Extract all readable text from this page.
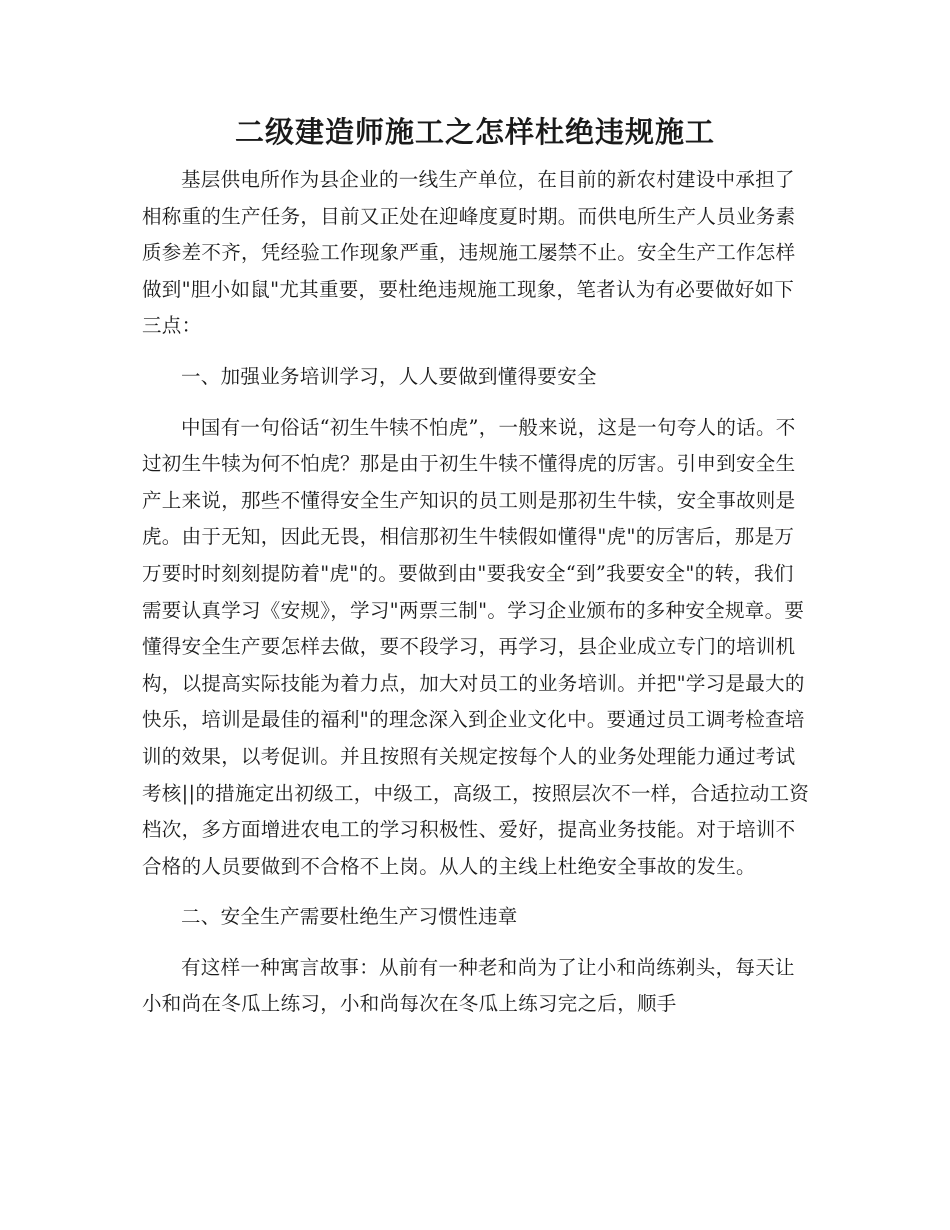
二级建造师施工之怎样杜绝违规施工

基层供电所作为县企业的一线生产单位，在目前的新农村建设中承担了相称重的生产任务，目前又正处在迎峰度夏时期。而供电所生产人员业务素质参差不齐，凭经验工作现象严重，违规施工屡禁不止。安全生产工作怎样做到"胆小如鼠"尤其重要，要杜绝违规施工现象，笔者认为有必要做好如下三点：

一、加强业务培训学习，人人要做到懂得要安全

中国有一句俗话“初生牛犊不怕虎”，一般来说，这是一句夸人的话。不过初生牛犊为何不怕虎？那是由于初生牛犊不懂得虎的厉害。引申到安全生产上来说，那些不懂得安全生产知识的员工则是那初生牛犊，安全事故则是虎。由于无知，因此无畏，相信那初生牛犊假如懂得"虎"的厉害后，那是万万要时时刻刻提防着"虎"的。要做到由"要我安全“到”我要安全"的转，我们需要认真学习《安规》，学习"两票三制"。学习企业颁布的多种安全规章。要懂得安全生产要怎样去做，要不段学习，再学习，县企业成立专门的培训机构，以提高实际技能为着力点，加大对员工的业务培训。并把"学习是最大的快乐，培训是最佳的福利"的理念深入到企业文化中。要通过员工调考检查培训的效果，以考促训。并且按照有关规定按每个人的业务处理能力通过考试考核||的措施定出初级工，中级工，高级工，按照层次不一样，合适拉动工资档次，多方面增进农电工的学习积极性、爱好，提高业务技能。对于培训不合格的人员要做到不合格不上岗。从人的主线上杜绝安全事故的发生。

二、安全生产需要杜绝生产习惯性违章

有这样一种寓言故事：从前有一种老和尚为了让小和尚练剃头，每天让小和尚在冬瓜上练习，小和尚每次在冬瓜上练习完之后，顺手
